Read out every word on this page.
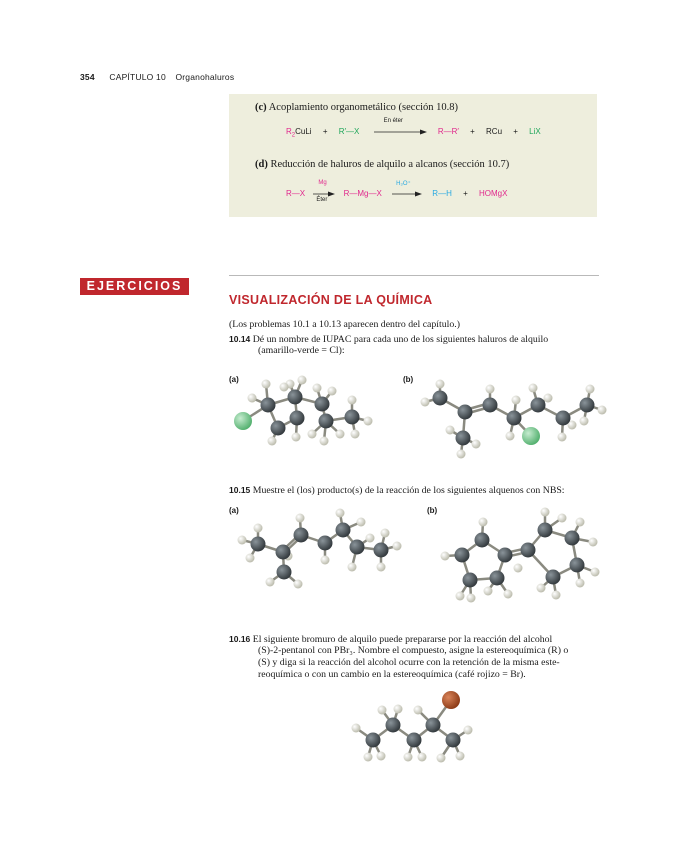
354 CAPÍTULO 10 Organohaluros
(c) Acoplamiento organometálico (sección 10.8)
$R_2CuLi$ + R′—X
En éter
R—R′ + RCu + LiX
(d) Reducción de haluros de alquilo a alcanos (sección 10.7)
R—X
Mg
Éter
R—Mg—X
H₃O⁺
R—H + HOMgX
EJERCICIOS
VISUALIZACIÓN DE LA QUÍMICA
(Los problemas 10.1 a 10.13 aparecen dentro del capítulo.)
10.14 Dé un nombre de IUPAC para cada uno de los siguientes haluros de alquilo
(amarillo-verde = Cl):
(a)	(b)
10.15 Muestre el (los) producto(s) de la reacción de los siguientes alquenos con NBS:
(a)	(b)
10.16 El siguiente bromuro de alquilo puede prepararse por la reacción del alcohol
(S)-2-pentanol con PBr₃. Nombre el compuesto, asigne la estereoquímica (R) o
(S) y diga si la reacción del alcohol ocurre con la retención de la misma este-
reoquímica o con un cambio en la estereoquímica (café rojizo = Br).
